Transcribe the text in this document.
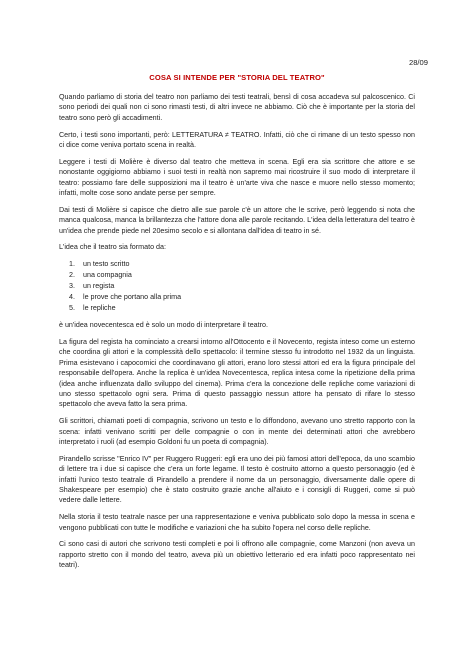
28/09
COSA SI INTENDE PER "STORIA DEL TEATRO"

Quando parliamo di storia del teatro non parliamo dei testi teatrali, bensì di cosa accadeva sul palcoscenico. Ci sono periodi dei quali non ci sono rimasti testi, di altri invece ne abbiamo. Ciò che è importante per la storia del teatro sono però gli accadimenti.

Certo, i testi sono importanti, però: LETTERATURA ≠ TEATRO. Infatti, ciò che ci rimane di un testo spesso non ci dice come veniva portato scena in realtà.

Leggere i testi di Molière è diverso dal teatro che metteva in scena. Egli era sia scrittore che attore e se nonostante oggigiorno abbiamo i suoi testi in realtà non sapremo mai ricostruire il suo modo di interpretare il teatro: possiamo fare delle supposizioni ma il teatro è un'arte viva che nasce e muore nello stesso momento; infatti, molte cose sono andate perse per sempre.

Dai testi di Molière si capisce che dietro alle sue parole c'è un attore che le scrive, però leggendo si nota che manca qualcosa, manca la brillantezza che l'attore dona alle parole recitando. L'idea della letteratura del teatro è un'idea che prende piede nel 20esimo secolo e si allontana dall'idea di teatro in sé.

L'idea che il teatro sia formato da:

1. un testo scritto
2. una compagnia
3. un regista
4. le prove che portano alla prima
5. le repliche

è un'idea novecentesca ed è solo un modo di interpretare il teatro.

La figura del regista ha cominciato a crearsi intorno all'Ottocento e il Novecento, regista inteso come un esterno che coordina gli attori e la complessità dello spettacolo: il termine stesso fu introdotto nel 1932 da un linguista. Prima esistevano i capocomici che coordinavano gli attori, erano loro stessi attori ed era la figura principale del responsabile dell'opera. Anche la replica è un'idea Novecentesca, replica intesa come la ripetizione della prima (idea anche influenzata dallo sviluppo del cinema). Prima c'era la concezione delle repliche come variazioni di uno stesso spettacolo ogni sera. Prima di questo passaggio nessun attore ha pensato di rifare lo stesso spettacolo che aveva fatto la sera prima.

Gli scrittori, chiamati poeti di compagnia, scrivono un testo e lo diffondono, avevano uno stretto rapporto con la scena: infatti venivano scritti per delle compagnie o con in mente dei determinati attori che avrebbero interpretato i ruoli (ad esempio Goldoni fu un poeta di compagnia).

Pirandello scrisse "Enrico IV" per Ruggero Ruggeri: egli era uno dei più famosi attori dell'epoca, da uno scambio di lettere tra i due si capisce che c'era un forte legame. Il testo è costruito attorno a questo personaggio (ed è infatti l'unico testo teatrale di Pirandello a prendere il nome da un personaggio, diversamente dalle opere di Shakespeare per esempio) che è stato costruito grazie anche all'aiuto e i consigli di Ruggeri, come si può vedere dalle lettere.

Nella storia il testo teatrale nasce per una rappresentazione e veniva pubblicato solo dopo la messa in scena e vengono pubblicati con tutte le modifiche e variazioni che ha subito l'opera nel corso delle repliche.

Ci sono casi di autori che scrivono testi completi e poi li offrono alle compagnie, come Manzoni (non aveva un rapporto stretto con il mondo del teatro, aveva più un obiettivo letterario ed era infatti poco rappresentato nei teatri).
